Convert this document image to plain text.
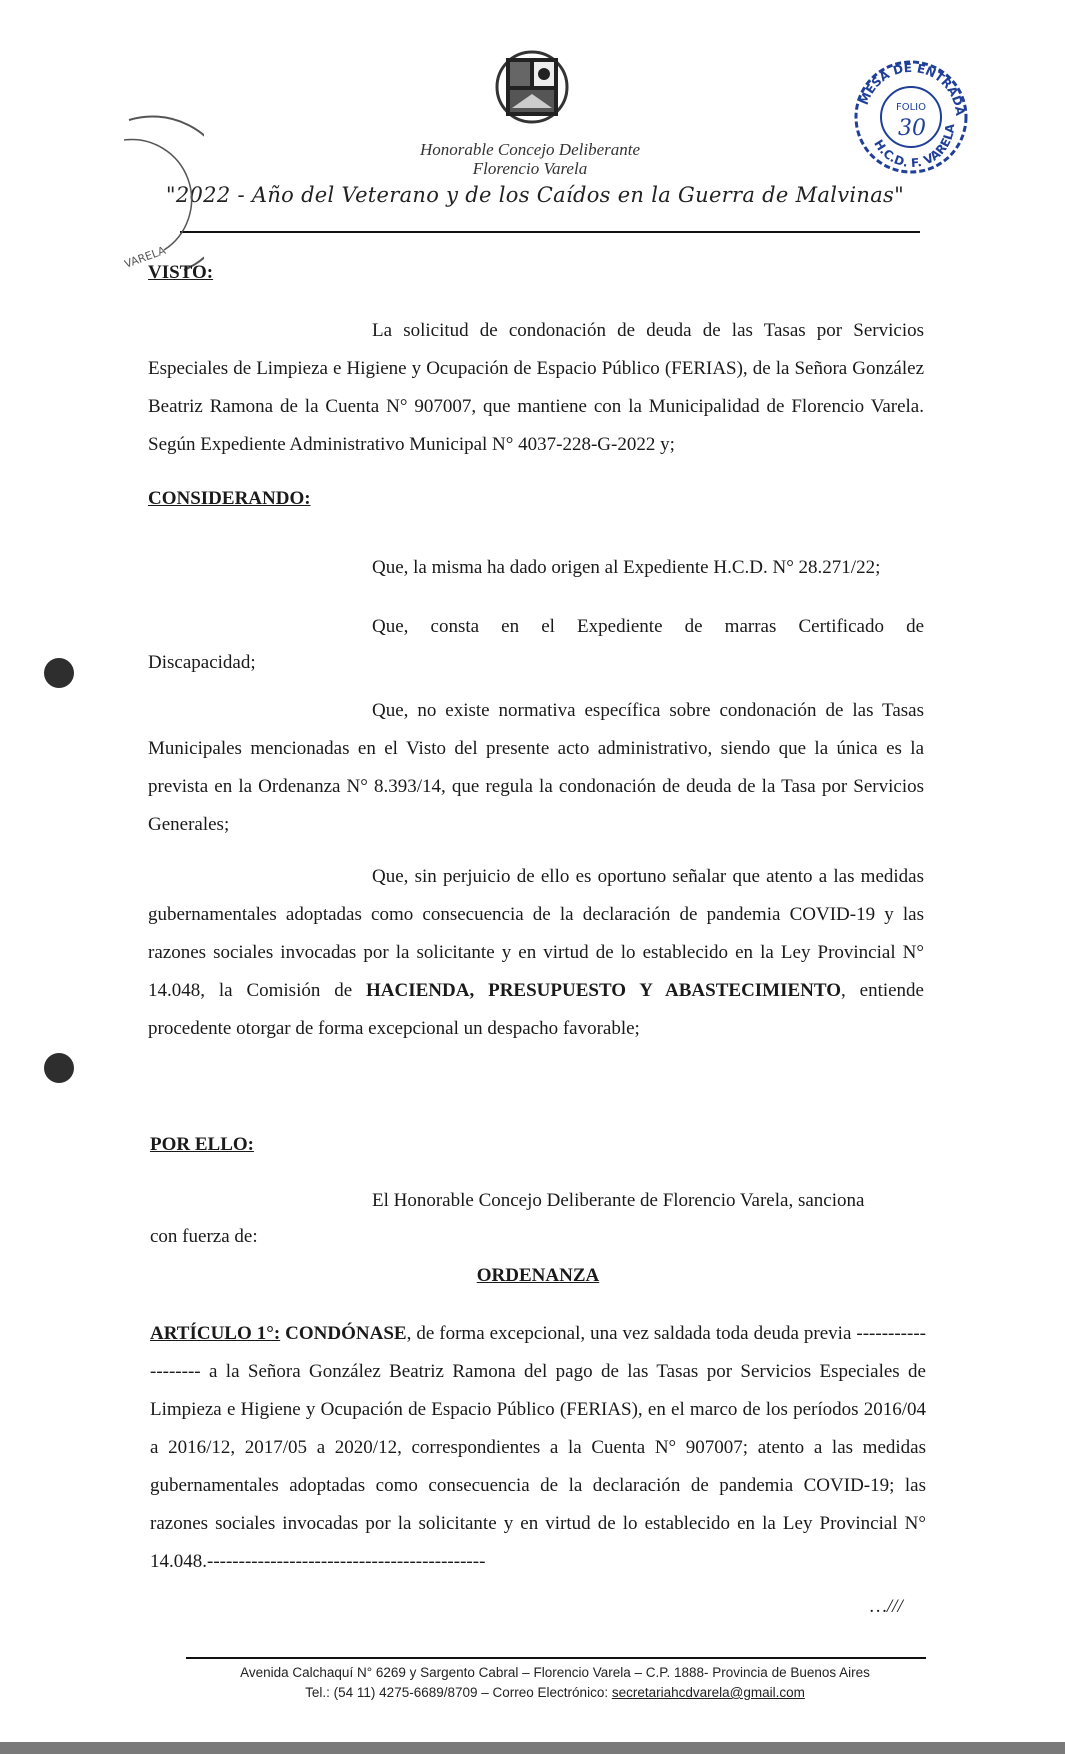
Honorable Concejo Deliberante
Florencio Varela
"2022 - Año del Veterano y de los Caídos en la Guerra de Malvinas"
MESA DE ENTRADA
H.C.D. F. VARELA
FOLIO
30
VARELA
VISTO:

La solicitud de condonación de deuda de las Tasas por Servicios Especiales de Limpieza e Higiene y Ocupación de Espacio Público (FERIAS), de la Señora González Beatriz Ramona de la Cuenta N° 907007, que mantiene con la Municipalidad de Florencio Varela. Según Expediente Administrativo Municipal N° 4037-228-G-2022 y;

CONSIDERANDO:
Que, la misma ha dado origen al Expediente H.C.D. N° 28.271/22;
Que, consta en el Expediente de marras Certificado de
Discapacidad;

Que, no existe normativa específica sobre condonación de las Tasas Municipales mencionadas en el Visto del presente acto administrativo, siendo que la única es la prevista en la Ordenanza N° 8.393/14, que regula la condonación de deuda de la Tasa por Servicios Generales;

Que, sin perjuicio de ello es oportuno señalar que atento a las medidas gubernamentales adoptadas como consecuencia de la declaración de pandemia COVID-19 y las razones sociales invocadas por la solicitante y en virtud de lo establecido en la Ley Provincial N° 14.048, la Comisión de HACIENDA, PRESUPUESTO Y ABASTECIMIENTO, entiende procedente otorgar de forma excepcional un despacho favorable;

POR ELLO:
El Honorable Concejo Deliberante de Florencio Varela, sanciona
con fuerza de:
ORDENANZA

ARTÍCULO 1°: CONDÓNASE, de forma excepcional, una vez saldada toda deuda previa ------------------- a la Señora González Beatriz Ramona del pago de las Tasas por Servicios Especiales de Limpieza e Higiene y Ocupación de Espacio Público (FERIAS), en el marco de los períodos 2016/04 a 2016/12, 2017/05 a 2020/12, correspondientes a la Cuenta N° 907007; atento a las medidas gubernamentales adoptadas como consecuencia de la declaración de pandemia COVID-19; las razones sociales invocadas por la solicitante y en virtud de lo establecido en la Ley Provincial N° 14.048.--------------------------------------------

…///
Avenida Calchaquí N° 6269 y Sargento Cabral – Florencio Varela – C.P. 1888- Provincia de Buenos Aires
Tel.: (54 11) 4275-6689/8709 – Correo Electrónico: secretariahcdvarela@gmail.com
